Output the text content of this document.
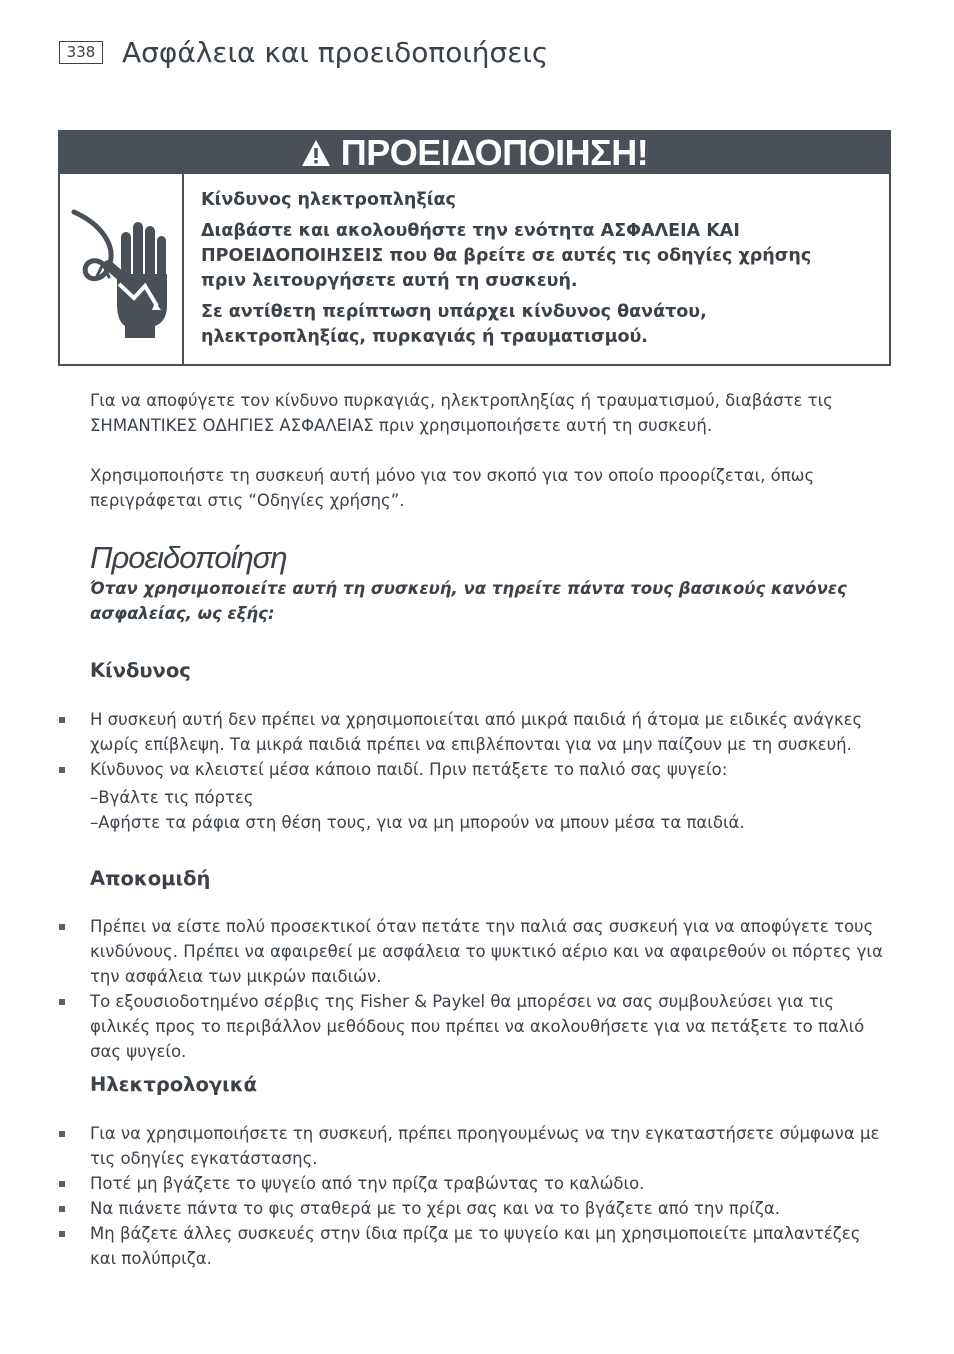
338 Ασφάλεια και προειδοποιήσεις
ΠΡΟΕΙΔΟΠΟΙΗΣΗ!

Κίνδυνος ηλεκτροπληξίας

Διαβάστε και ακολουθήστε την ενότητα ΑΣΦΑΛΕΙΑ ΚΑΙ ΠΡΟΕΙΔΟΠΟΙΗΣΕΙΣ που θα βρείτε σε αυτές τις οδηγίες χρήσης πριν λειτουργήσετε αυτή τη συσκευή.

Σε αντίθετη περίπτωση υπάρχει κίνδυνος θανάτου, ηλεκτροπληξίας, πυρκαγιάς ή τραυματισμού.

Για να αποφύγετε τον κίνδυνο πυρκαγιάς, ηλεκτροπληξίας ή τραυματισμού, διαβάστε τις ΣΗΜΑΝΤΙΚΕΣ ΟΔΗΓΙΕΣ ΑΣΦΑΛΕΙΑΣ πριν χρησιμοποιήσετε αυτή τη συσκευή.
Χρησιμοποιήστε τη συσκευή αυτή μόνο για τον σκοπό για τον οποίο προορίζεται, όπως περιγράφεται στις “Οδηγίες χρήσης”.
Προειδοποίηση
Όταν χρησιμοποιείτε αυτή τη συσκευή, να τηρείτε πάντα τους βασικούς κανόνες ασφαλείας, ως εξής:
Κίνδυνος
Η συσκευή αυτή δεν πρέπει να χρησιμοποιείται από μικρά παιδιά ή άτομα με ειδικές ανάγκες χωρίς επίβλεψη. Τα μικρά παιδιά πρέπει να επιβλέπονται για να μην παίζουν με τη συσκευή.
Κίνδυνος να κλειστεί μέσα κάποιο παιδί. Πριν πετάξετε το παλιό σας ψυγείο:
–Βγάλτε τις πόρτες
–Αφήστε τα ράφια στη θέση τους, για να μη μπορούν να μπουν μέσα τα παιδιά.
Αποκομιδή
Πρέπει να είστε πολύ προσεκτικοί όταν πετάτε την παλιά σας συσκευή για να αποφύγετε τους κινδύνους. Πρέπει να αφαιρεθεί με ασφάλεια το ψυκτικό αέριο και να αφαιρεθούν οι πόρτες για την ασφάλεια των μικρών παιδιών.
Το εξουσιοδοτημένο σέρβις της Fisher & Paykel θα μπορέσει να σας συμβουλεύσει για τις φιλικές προς το περιβάλλον μεθόδους που πρέπει να ακολουθήσετε για να πετάξετε το παλιό σας ψυγείο.
Ηλεκτρολογικά
Για να χρησιμοποιήσετε τη συσκευή, πρέπει προηγουμένως να την εγκαταστήσετε σύμφωνα με τις οδηγίες εγκατάστασης.
Ποτέ μη βγάζετε το ψυγείο από την πρίζα τραβώντας το καλώδιο.
Να πιάνετε πάντα το φις σταθερά με το χέρι σας και να το βγάζετε από την πρίζα.
Μη βάζετε άλλες συσκευές στην ίδια πρίζα με το ψυγείο και μη χρησιμοποιείτε μπαλαντέζες και πολύπριζα.
